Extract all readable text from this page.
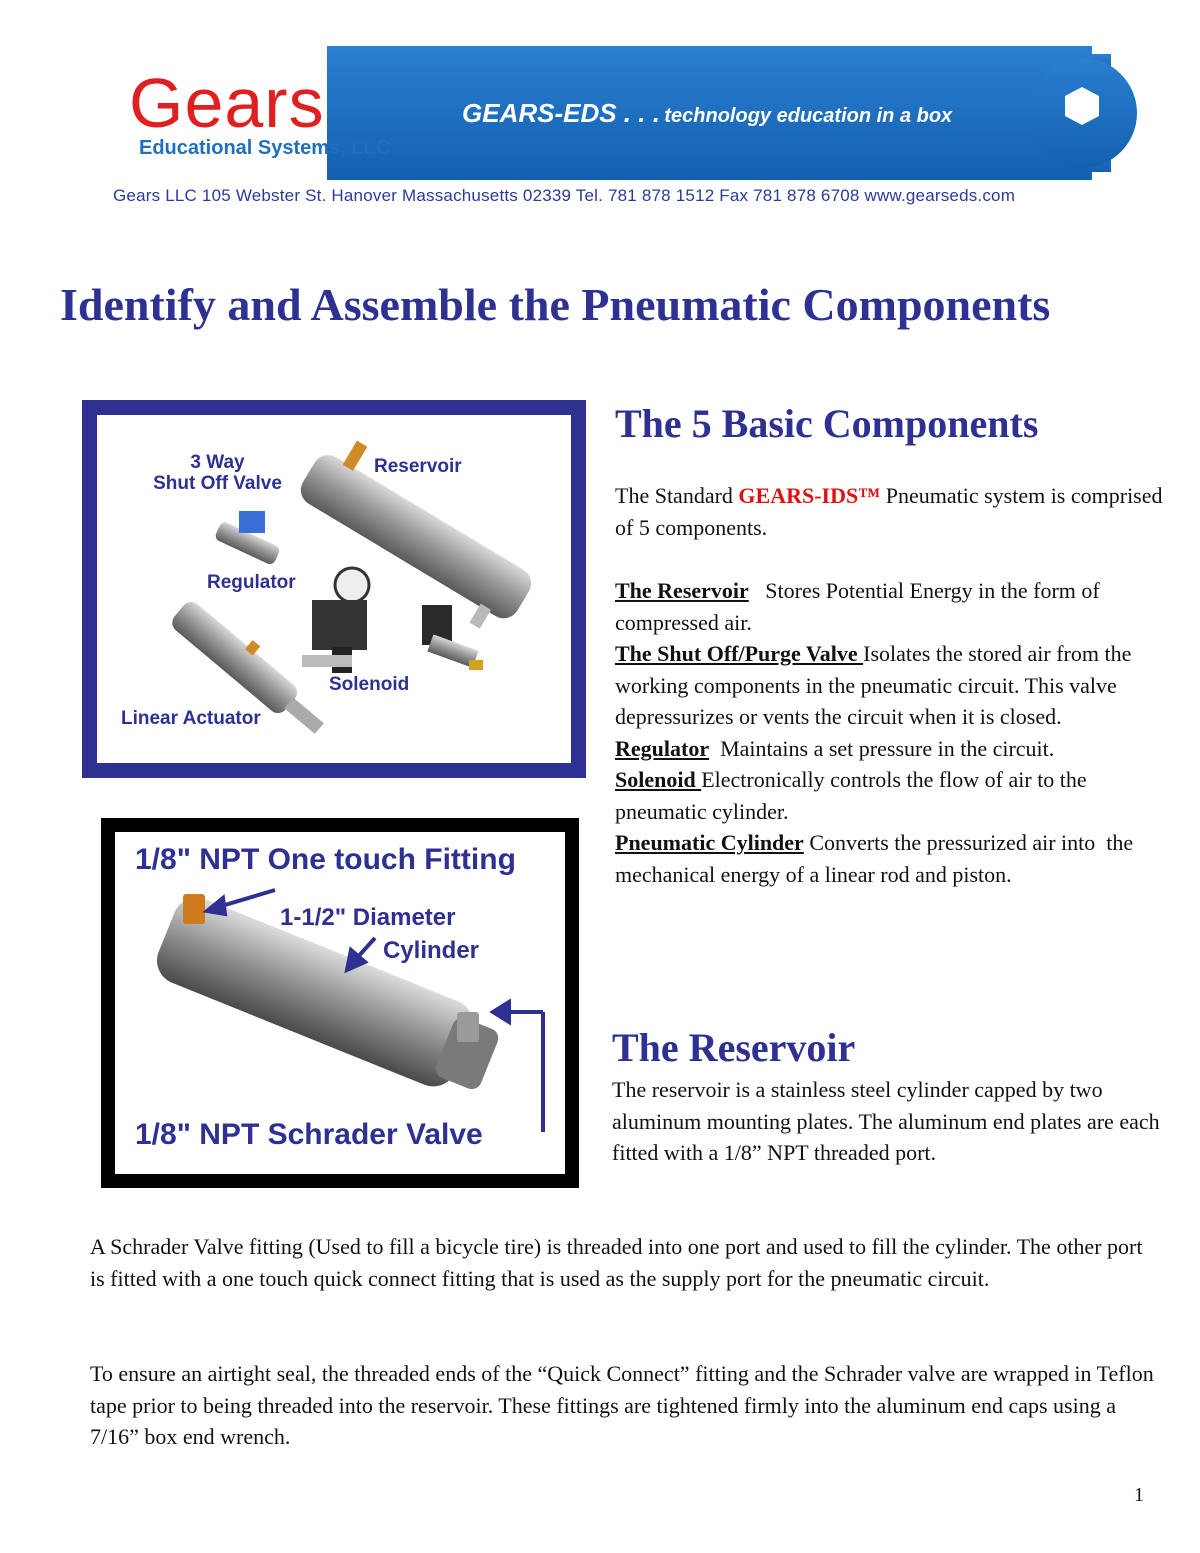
Gears
Educational Systems, LLC
GEARS-EDS . . . technology education in a box
Gears LLC 105 Webster St. Hanover Massachusetts 02339 Tel. 781 878 1512 Fax 781 878 6708 www.gearseds.com
Identify and Assemble the Pneumatic Components
3 Way
Shut Off Valve
Reservoir
Regulator
Solenoid
Linear Actuator
1/8" NPT One touch Fitting
1-1/2" Diameter
Cylinder
1/8" NPT Schrader Valve
The 5 Basic Components
The Standard GEARS-IDS™ Pneumatic system is comprised of 5 components.
The Reservoir   Stores Potential Energy in the form of compressed air.
The Shut Off/Purge Valve Isolates the stored air from the working components in the pneumatic circuit. This valve depressurizes or vents the circuit when it is closed.
Regulator  Maintains a set pressure in the circuit.
Solenoid Electronically controls the flow of air to the pneumatic cylinder.
Pneumatic Cylinder Converts the pressurized air into  the mechanical energy of a linear rod and piston.
The Reservoir
The reservoir is a stainless steel cylinder capped by two aluminum mounting plates. The aluminum end plates are each fitted with a 1/8” NPT threaded port.
A Schrader Valve fitting (Used to fill a bicycle tire) is threaded into one port and used to fill the cylinder. The other port is fitted with a one touch quick connect fitting that is used as the supply port for the pneumatic circuit.
To ensure an airtight seal, the threaded ends of the “Quick Connect” fitting and the Schrader valve are wrapped in Teflon tape prior to being threaded into the reservoir. These fittings are tightened firmly into the aluminum end caps using a 7/16” box end wrench.
1
